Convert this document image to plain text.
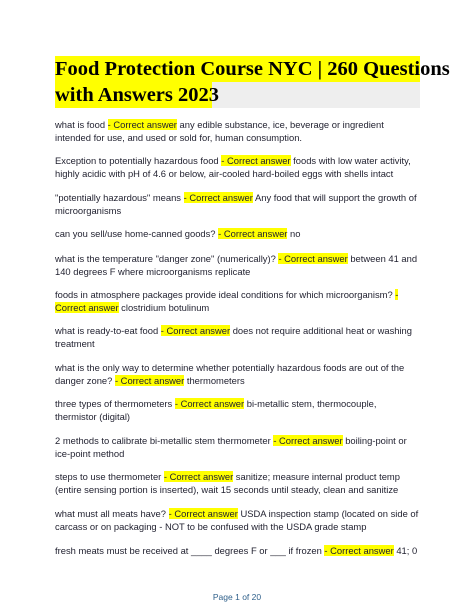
Food Protection Course NYC | 260 Questions
with Answers 2023

what is food - Correct answer any edible substance, ice, beverage or ingredient intended for use, and used or sold for, human consumption.

Exception to potentially hazardous food - Correct answer foods with low water activity, highly acidic with pH of 4.6 or below, air-cooled hard-boiled eggs with shells intact

"potentially hazardous" means - Correct answer Any food that will support the growth of microorganisms

can you sell/use home-canned goods? - Correct answer no

what is the temperature "danger zone" (numerically)? - Correct answer between 41 and 140 degrees F where microorganisms replicate

foods in atmosphere packages provide ideal conditions for which microorganism? - Correct answer clostridium botulinum

what is ready-to-eat food - Correct answer does not require additional heat or washing treatment

what is the only way to determine whether potentially hazardous foods are out of the danger zone? - Correct answer thermometers

three types of thermometers - Correct answer bi-metallic stem, thermocouple, thermistor (digital)

2 methods to calibrate bi-metallic stem thermometer - Correct answer boiling-point or ice-point method

steps to use thermometer - Correct answer sanitize; measure internal product temp (entire sensing portion is inserted), wait 15 seconds until steady, clean and sanitize

what must all meats have? - Correct answer USDA inspection stamp (located on side of carcass or on packaging - NOT to be confused with the USDA grade stamp

fresh meats must be received at ____ degrees F or ___ if frozen - Correct answer 41; 0

Page 1 of 20
